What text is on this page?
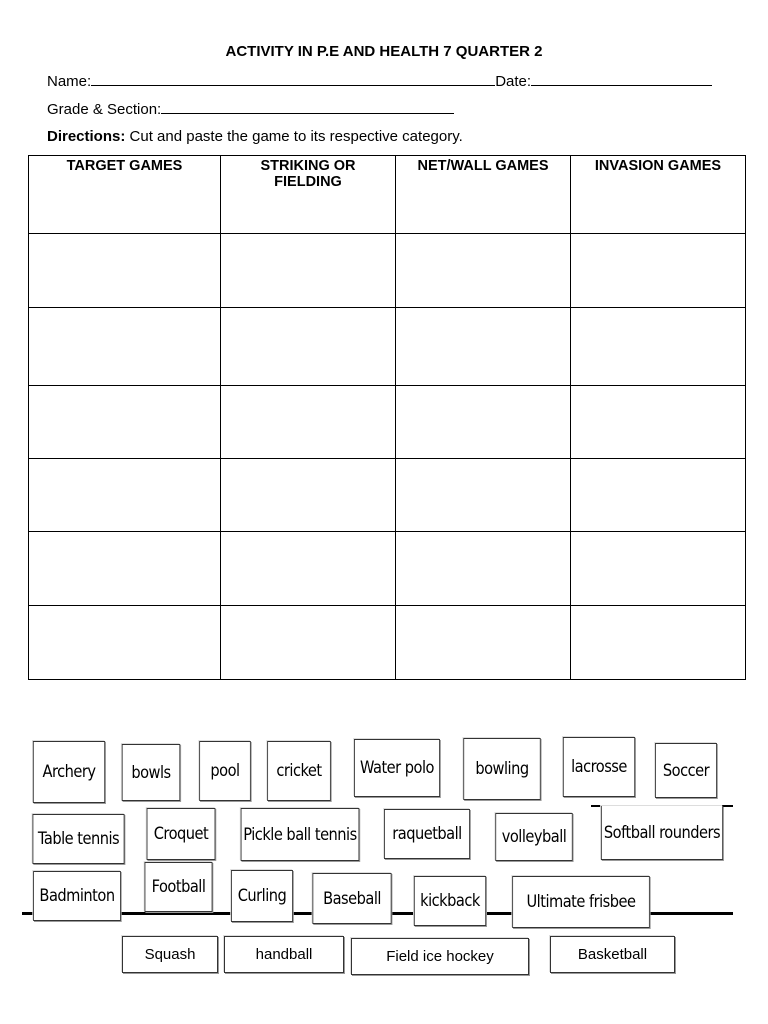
ACTIVITY IN P.E AND HEALTH 7 QUARTER 2
Name:	Date:
Grade & Section:
Directions: Cut and paste the game to its respective category.
TARGET GAMES	STRIKING OR FIELDING	NET/WALL GAMES	INVASION GAMES

Archery	bowls	pool	cricket	Water polo	bowling	lacrosse	Soccer
Table tennis	Croquet	Pickle ball tennis	raquetball	volleyball	Softball rounders
Badminton	Football	Curling	Baseball	kickback	Ultimate frisbee
Squash	handball	Field ice hockey	Basketball
